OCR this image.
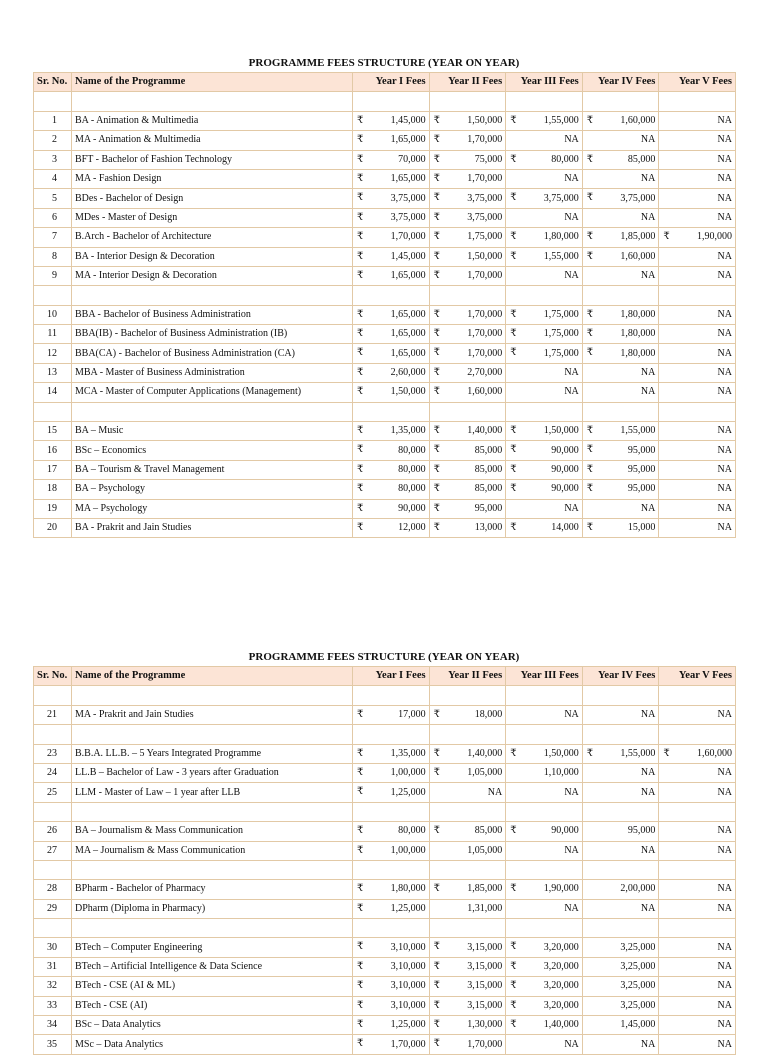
PROGRAMME FEES STRUCTURE (YEAR ON YEAR)
Sr. No.	Name of the Programme	Year I Fees	Year II Fees	Year III Fees	Year IV Fees	Year V Fees

1	BA - Animation & Multimedia	₹ 1,45,000	₹ 1,50,000	₹ 1,55,000	₹ 1,60,000	NA
2	MA - Animation & Multimedia	₹ 1,65,000	₹ 1,70,000	NA	NA	NA
3	BFT - Bachelor of Fashion Technology	₹ 70,000	₹ 75,000	₹ 80,000	₹ 85,000	NA
4	MA - Fashion Design	₹ 1,65,000	₹ 1,70,000	NA	NA	NA
5	BDes - Bachelor of Design	₹ 3,75,000	₹ 3,75,000	₹ 3,75,000	₹ 3,75,000	NA
6	MDes - Master of Design	₹ 3,75,000	₹ 3,75,000	NA	NA	NA
7	B.Arch - Bachelor of Architecture	₹ 1,70,000	₹ 1,75,000	₹ 1,80,000	₹ 1,85,000	₹ 1,90,000
8	BA - Interior Design & Decoration	₹ 1,45,000	₹ 1,50,000	₹ 1,55,000	₹ 1,60,000	NA
9	MA - Interior Design & Decoration	₹ 1,65,000	₹ 1,70,000	NA	NA	NA

10	BBA - Bachelor of Business Administration	₹ 1,65,000	₹ 1,70,000	₹ 1,75,000	₹ 1,80,000	NA
11	BBA(IB) - Bachelor of Business Administration (IB)	₹ 1,65,000	₹ 1,70,000	₹ 1,75,000	₹ 1,80,000	NA
12	BBA(CA) - Bachelor of Business Administration (CA)	₹ 1,65,000	₹ 1,70,000	₹ 1,75,000	₹ 1,80,000	NA
13	MBA - Master of Business Administration	₹ 2,60,000	₹ 2,70,000	NA	NA	NA
14	MCA - Master of Computer Applications (Management)	₹ 1,50,000	₹ 1,60,000	NA	NA	NA

15	BA – Music	₹ 1,35,000	₹ 1,40,000	₹ 1,50,000	₹ 1,55,000	NA
16	BSc – Economics	₹ 80,000	₹ 85,000	₹ 90,000	₹ 95,000	NA
17	BA – Tourism & Travel Management	₹ 80,000	₹ 85,000	₹ 90,000	₹ 95,000	NA
18	BA – Psychology	₹ 80,000	₹ 85,000	₹ 90,000	₹ 95,000	NA
19	MA – Psychology	₹ 90,000	₹ 95,000	NA	NA	NA
20	BA - Prakrit and Jain Studies	₹ 12,000	₹ 13,000	₹ 14,000	₹ 15,000	NA
PROGRAMME FEES STRUCTURE (YEAR ON YEAR)
Sr. No.	Name of the Programme	Year I Fees	Year II Fees	Year III Fees	Year IV Fees	Year V Fees

21	MA - Prakrit and Jain Studies	₹ 17,000	₹ 18,000	NA	NA	NA

23	B.B.A. LL.B. – 5 Years Integrated Programme	₹ 1,35,000	₹ 1,40,000	₹ 1,50,000	₹ 1,55,000	₹ 1,60,000
24	LL.B – Bachelor of Law - 3 years after Graduation	₹ 1,00,000	₹ 1,05,000	1,10,000	NA	NA
25	LLM - Master of Law – 1 year after LLB	₹ 1,25,000	NA	NA	NA	NA

26	BA – Journalism & Mass Communication	₹ 80,000	₹ 85,000	₹ 90,000	95,000	NA
27	MA – Journalism & Mass Communication	₹ 1,00,000	1,05,000	NA	NA	NA

28	BPharm - Bachelor of Pharmacy	₹ 1,80,000	₹ 1,85,000	₹ 1,90,000	2,00,000	NA
29	DPharm (Diploma in Pharmacy)	₹ 1,25,000	1,31,000	NA	NA	NA

30	BTech – Computer Engineering	₹ 3,10,000	₹ 3,15,000	₹ 3,20,000	3,25,000	NA
31	BTech – Artificial Intelligence & Data Science	₹ 3,10,000	₹ 3,15,000	₹ 3,20,000	3,25,000	NA
32	BTech - CSE (AI & ML)	₹ 3,10,000	₹ 3,15,000	₹ 3,20,000	3,25,000	NA
33	BTech - CSE (AI)	₹ 3,10,000	₹ 3,15,000	₹ 3,20,000	3,25,000	NA
34	BSc – Data Analytics	₹ 1,25,000	₹ 1,30,000	₹ 1,40,000	1,45,000	NA
35	MSc – Data Analytics	₹ 1,70,000	₹ 1,70,000	NA	NA	NA
